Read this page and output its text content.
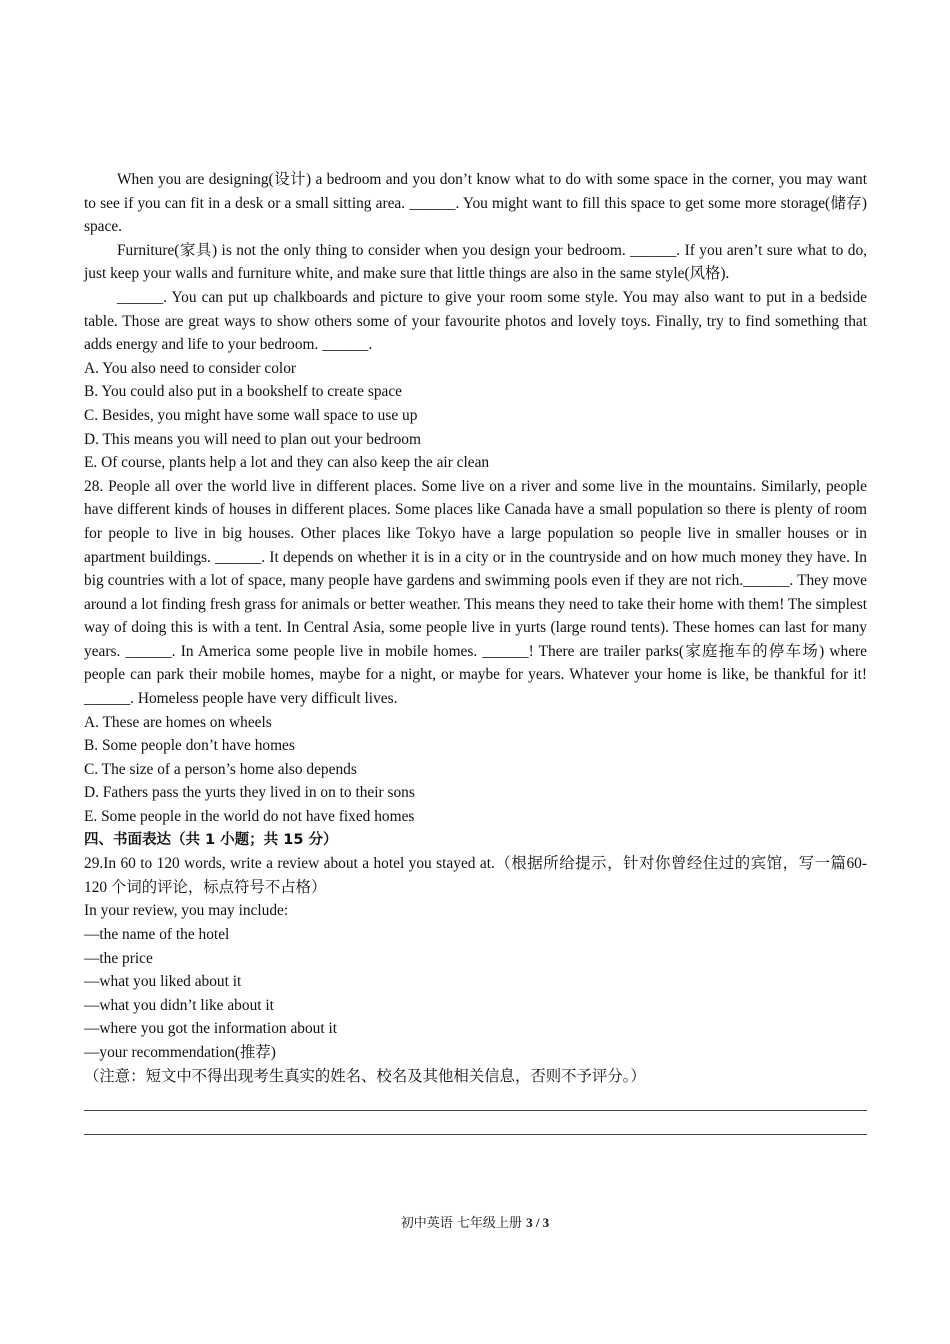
When you are designing(设计) a bedroom and you don’t know what to do with some space in the corner, you may want to see if you can fit in a desk or a small sitting area. ______. You might want to fill this space to get some more storage(储存) space.

Furniture(家具) is not the only thing to consider when you design your bedroom. ______. If you aren’t sure what to do, just keep your walls and furniture white, and make sure that little things are also in the same style(风格).

______. You can put up chalkboards and picture to give your room some style. You may also want to put in a bedside table. Those are great ways to show others some of your favourite photos and lovely toys. Finally, try to find something that adds energy and life to your bedroom. ______.

A. You also need to consider color

B. You could also put in a bookshelf to create space

C. Besides, you might have some wall space to use up

D. This means you will need to plan out your bedroom

E. Of course, plants help a lot and they can also keep the air clean

28. People all over the world live in different places. Some live on a river and some live in the mountains. Similarly, people have different kinds of houses in different places. Some places like Canada have a small population so there is plenty of room for people to live in big houses. Other places like Tokyo have a large population so people live in smaller houses or in apartment buildings. ______. It depends on whether it is in a city or in the countryside and on how much money they have. In big countries with a lot of space, many people have gardens and swimming pools even if they are not rich.______. They move around a lot finding fresh grass for animals or better weather. This means they need to take their home with them! The simplest way of doing this is with a tent. In Central Asia, some people live in yurts (large round tents). These homes can last for many years. ______. In America some people live in mobile homes. ______! There are trailer parks(家庭拖车的停车场) where people can park their mobile homes, maybe for a night, or maybe for years. Whatever your home is like, be thankful for it! ______. Homeless people have very difficult lives.

A. These are homes on wheels

B. Some people don’t have homes

C. The size of a person’s home also depends

D. Fathers pass the yurts they lived in on to their sons

E. Some people in the world do not have fixed homes

四、书面表达（共 1 小题；共 15 分）

29.In 60 to 120 words, write a review about a hotel you stayed at.（根据所给提示，针对你曾经住过的宾馆，写一篇60-120 个词的评论，标点符号不占格）

In your review, you may include:

—the name of the hotel

—the price

—what you liked about it

—what you didn’t like about it

—where you got the information about it

—your recommendation(推荐)

（注意：短文中不得出现考生真实的姓名、校名及其他相关信息，否则不予评分。）

初中英语 七年级上册 3 / 3
